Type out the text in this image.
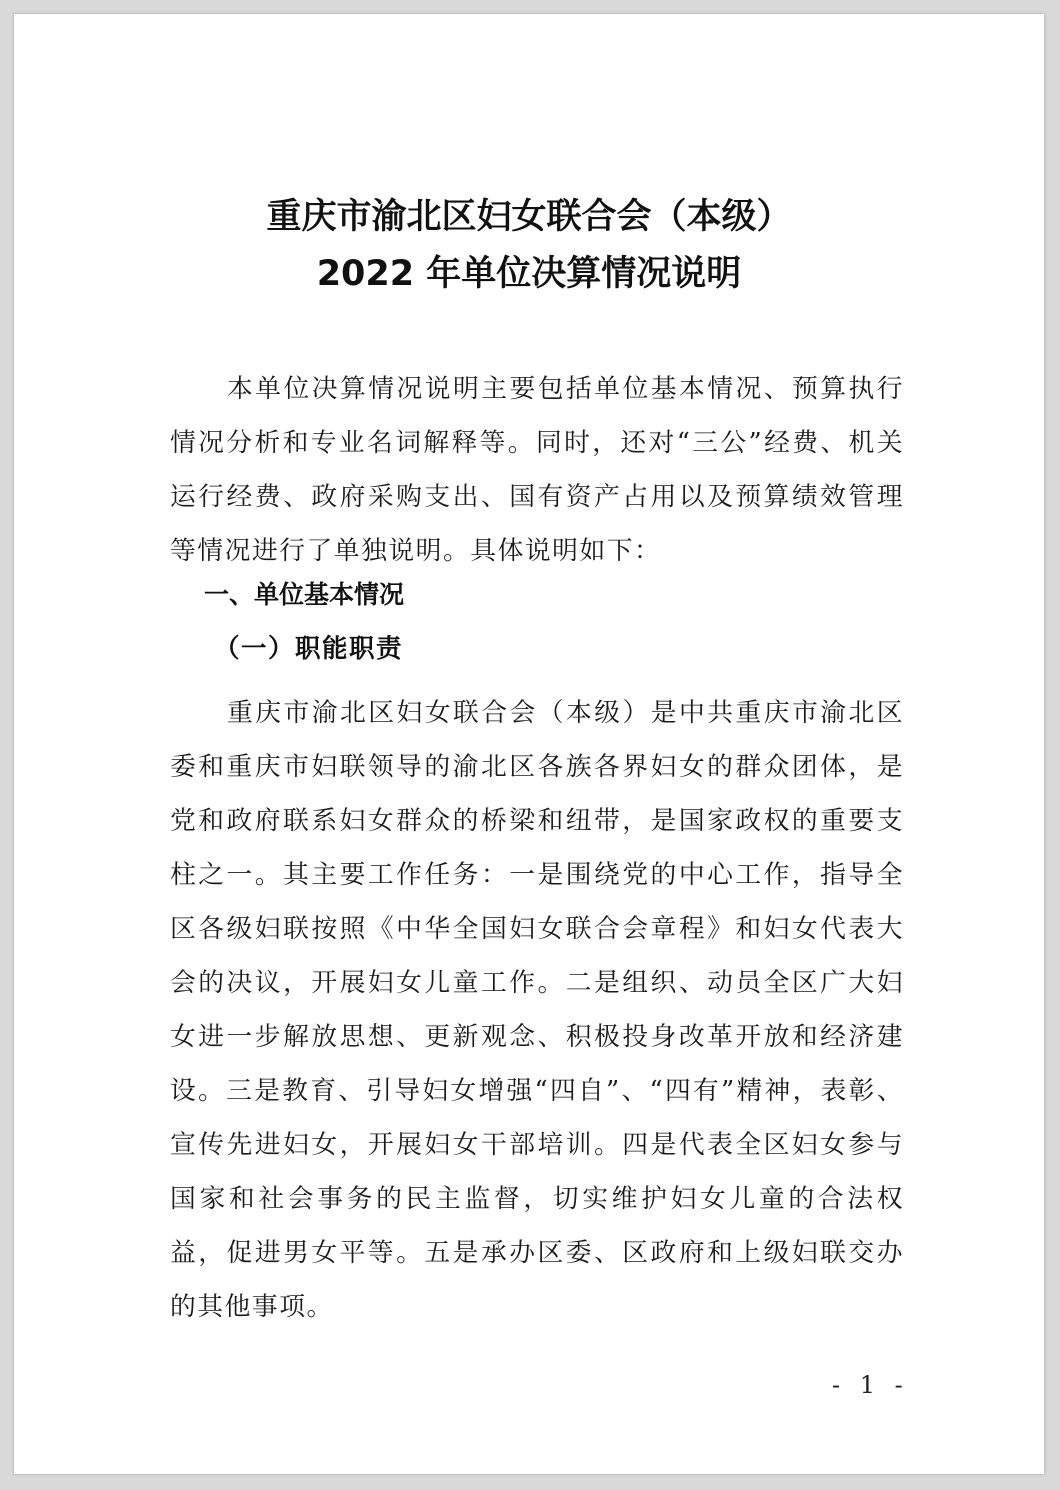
重庆市渝北区妇女联合会（本级）
2022 年单位决算情况说明

本单位决算情况说明主要包括单位基本情况、预算执行情况分析和专业名词解释等。同时，还对“三公”经费、机关运行经费、政府采购支出、国有资产占用以及预算绩效管理等情况进行了单独说明。具体说明如下：

一、单位基本情况
（一）职能职责

重庆市渝北区妇女联合会（本级）是中共重庆市渝北区委和重庆市妇联领导的渝北区各族各界妇女的群众团体，是党和政府联系妇女群众的桥梁和纽带，是国家政权的重要支柱之一。其主要工作任务：一是围绕党的中心工作，指导全区各级妇联按照《中华全国妇女联合会章程》和妇女代表大会的决议，开展妇女儿童工作。二是组织、动员全区广大妇女进一步解放思想、更新观念、积极投身改革开放和经济建设。三是教育、引导妇女增强“四自”、“四有”精神，表彰、宣传先进妇女，开展妇女干部培训。四是代表全区妇女参与国家和社会事务的民主监督，切实维护妇女儿童的合法权益，促进男女平等。五是承办区委、区政府和上级妇联交办的其他事项。

- 1 -
